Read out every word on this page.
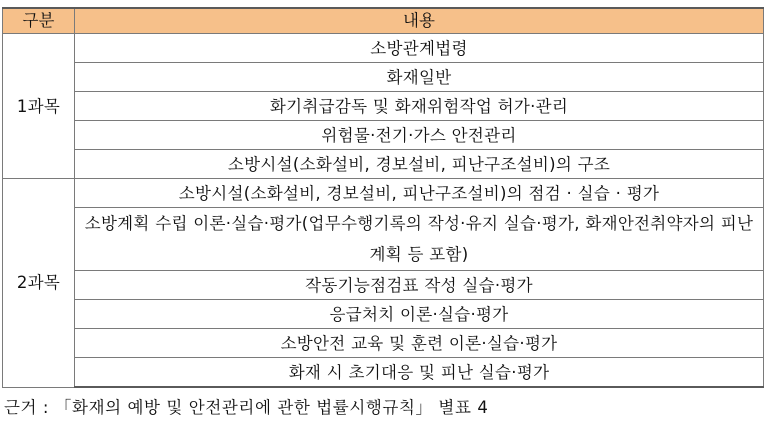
구분	내용
1과목	소방관계법령
	화재일반
	화기취급감독 및 화재위험작업 허가·관리
	위험물·전기·가스 안전관리
	소방시설(소화설비, 경보설비, 피난구조설비)의 구조
2과목	소방시설(소화설비, 경보설비, 피난구조설비)의 점검 · 실습 · 평가
	소방계획 수립 이론·실습·평가(업무수행기록의 작성·유지 실습·평가, 화재안전취약자의 피난계획 등 포함)
	작동기능점검표 작성 실습·평가
	응급처치 이론·실습·평가
	소방안전 교육 및 훈련 이론·실습·평가
	화재 시 초기대응 및 피난 실습·평가
근거 : 「화재의 예방 및 안전관리에 관한 법률시행규칙」 별표 4
